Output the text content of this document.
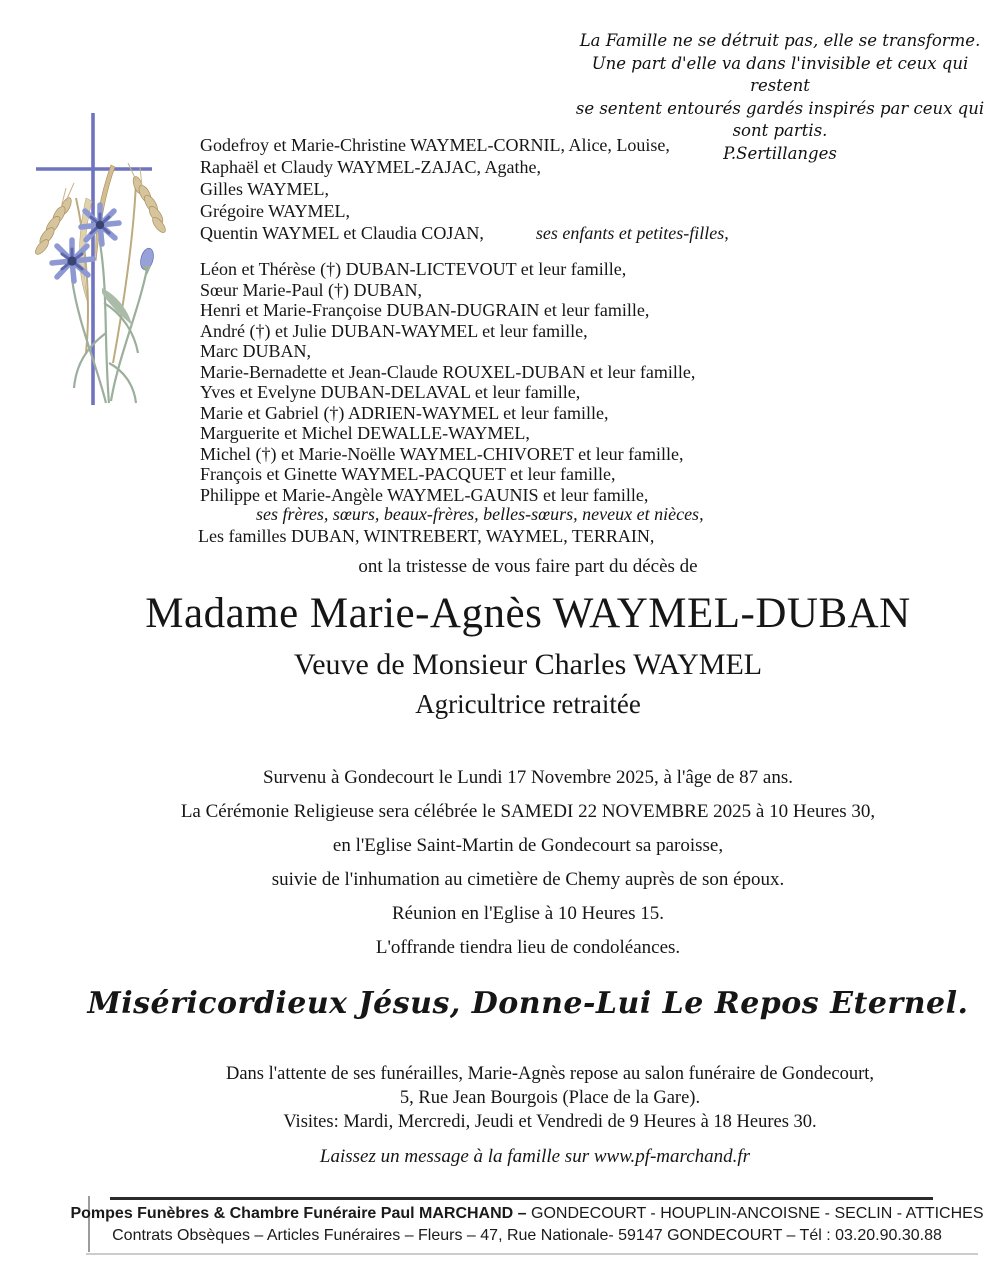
La Famille ne se détruit pas, elle se transforme.
Une part d'elle va dans l'invisible et ceux qui restent
se sentent entourés gardés inspirés par ceux qui sont partis.
P.Sertillanges
Godefroy et Marie-Christine WAYMEL-CORNIL, Alice, Louise,
Raphaël et Claudy WAYMEL-ZAJAC, Agathe,
Gilles WAYMEL,
Grégoire WAYMEL,
Quentin WAYMEL et Claudia COJAN,	ses enfants et petites-filles,
Léon et Thérèse (†) DUBAN-LICTEVOUT et leur famille,
Sœur Marie-Paul (†) DUBAN,
Henri et Marie-Françoise DUBAN-DUGRAIN et leur famille,
André (†) et Julie DUBAN-WAYMEL et leur famille,
Marc DUBAN,
Marie-Bernadette et Jean-Claude ROUXEL-DUBAN et leur famille,
Yves et Evelyne DUBAN-DELAVAL et leur famille,
Marie et Gabriel (†) ADRIEN-WAYMEL et leur famille,
Marguerite et Michel DEWALLE-WAYMEL,
Michel (†) et Marie-Noëlle WAYMEL-CHIVORET et leur famille,
François et Ginette WAYMEL-PACQUET et leur famille,
Philippe et Marie-Angèle WAYMEL-GAUNIS et leur famille,
ses frères, sœurs, beaux-frères, belles-sœurs, neveux et nièces,
Les familles DUBAN, WINTREBERT, WAYMEL, TERRAIN,
ont la tristesse de vous faire part du décès de
Madame Marie-Agnès WAYMEL-DUBAN
Veuve de Monsieur Charles WAYMEL
Agricultrice retraitée

Survenu à Gondecourt le Lundi 17 Novembre 2025, à l'âge de 87 ans.

La Cérémonie Religieuse sera célébrée le SAMEDI 22 NOVEMBRE 2025 à 10 Heures 30,

en l'Eglise Saint-Martin de Gondecourt sa paroisse,

suivie de l'inhumation au cimetière de Chemy auprès de son époux.

Réunion en l'Eglise à 10 Heures 15.

L'offrande tiendra lieu de condoléances.

Miséricordieux Jésus, Donne-Lui Le Repos Eternel.

Dans l'attente de ses funérailles, Marie-Agnès repose au salon funéraire de Gondecourt,

5, Rue Jean Bourgois (Place de la Gare).

Visites: Mardi, Mercredi, Jeudi et Vendredi de 9 Heures à 18 Heures 30.

Laissez un message à la famille sur www.pf-marchand.fr
Pompes Funèbres & Chambre Funéraire Paul MARCHAND – GONDECOURT - HOUPLIN-ANCOISNE - SECLIN - ATTICHES
Contrats Obsèques – Articles Funéraires – Fleurs – 47, Rue Nationale- 59147 GONDECOURT – Tél : 03.20.90.30.88
